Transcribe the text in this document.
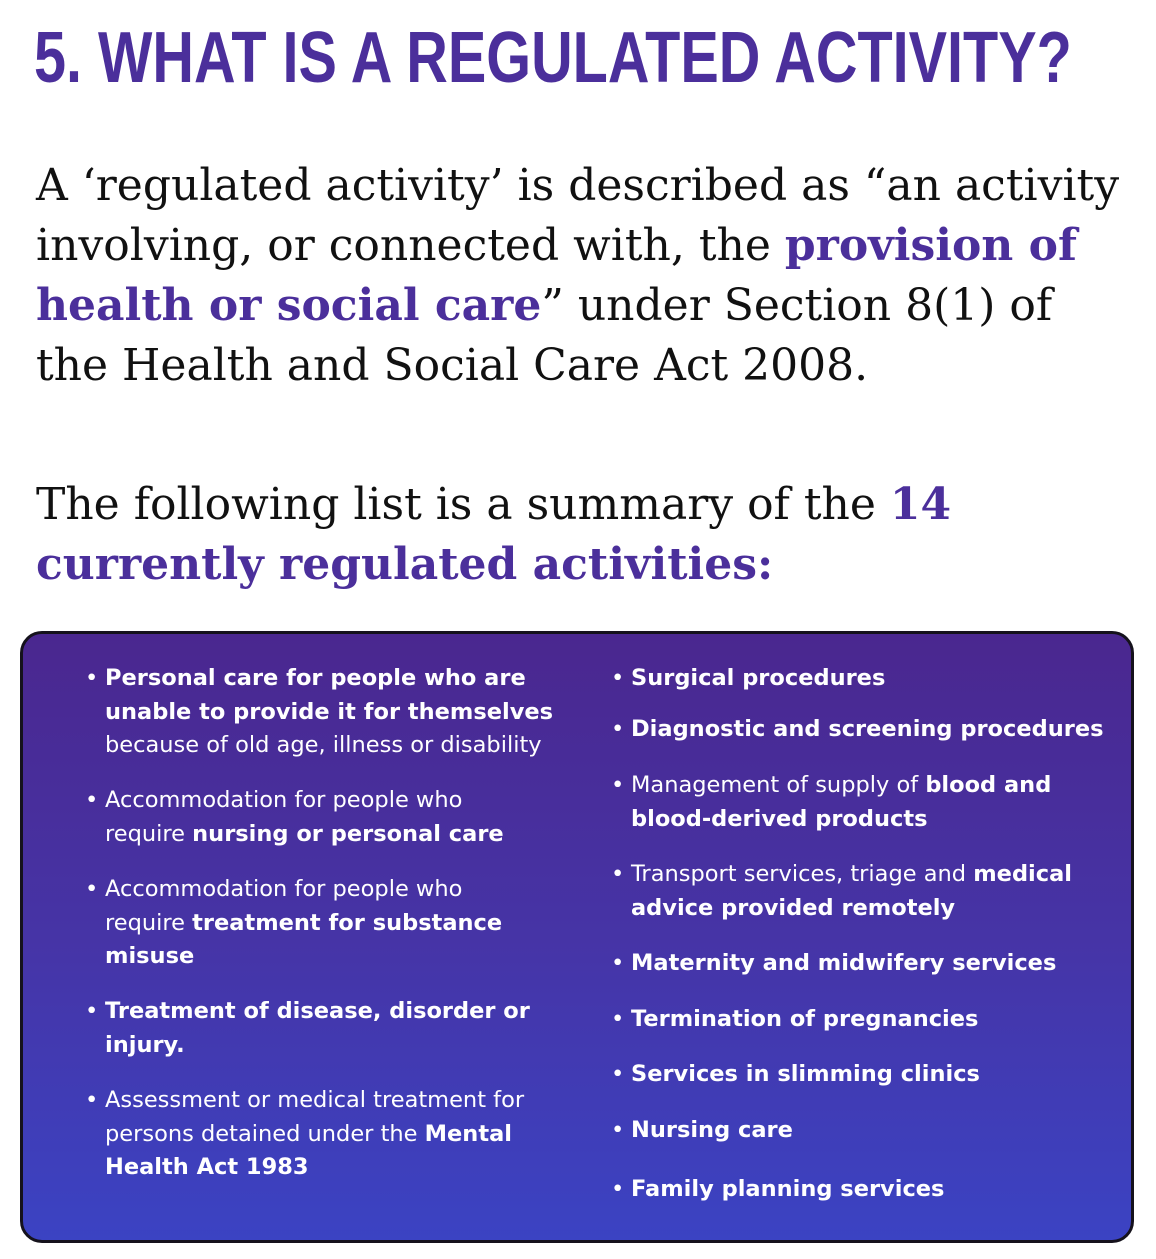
5. WHAT IS A REGULATED ACTIVITY?

A ‘regulated activity’ is described as “an activity involving, or connected with, the provision of health or social care” under Section 8(1) of the Health and Social Care Act 2008.

The following list is a summary of the 14 currently regulated activities:

• Personal care for people who are
unable to provide it for themselves
because of old age, illness or disability
• Accommodation for people who
require nursing or personal care
• Accommodation for people who
require treatment for substance
misuse
• Treatment of disease, disorder or
injury.
• Assessment or medical treatment for
persons detained under the Mental
Health Act 1983
• Surgical procedures
• Diagnostic and screening procedures
• Management of supply of blood and
blood-derived products
• Transport services, triage and medical
advice provided remotely
• Maternity and midwifery services
• Termination of pregnancies
• Services in slimming clinics
• Nursing care
• Family planning services
